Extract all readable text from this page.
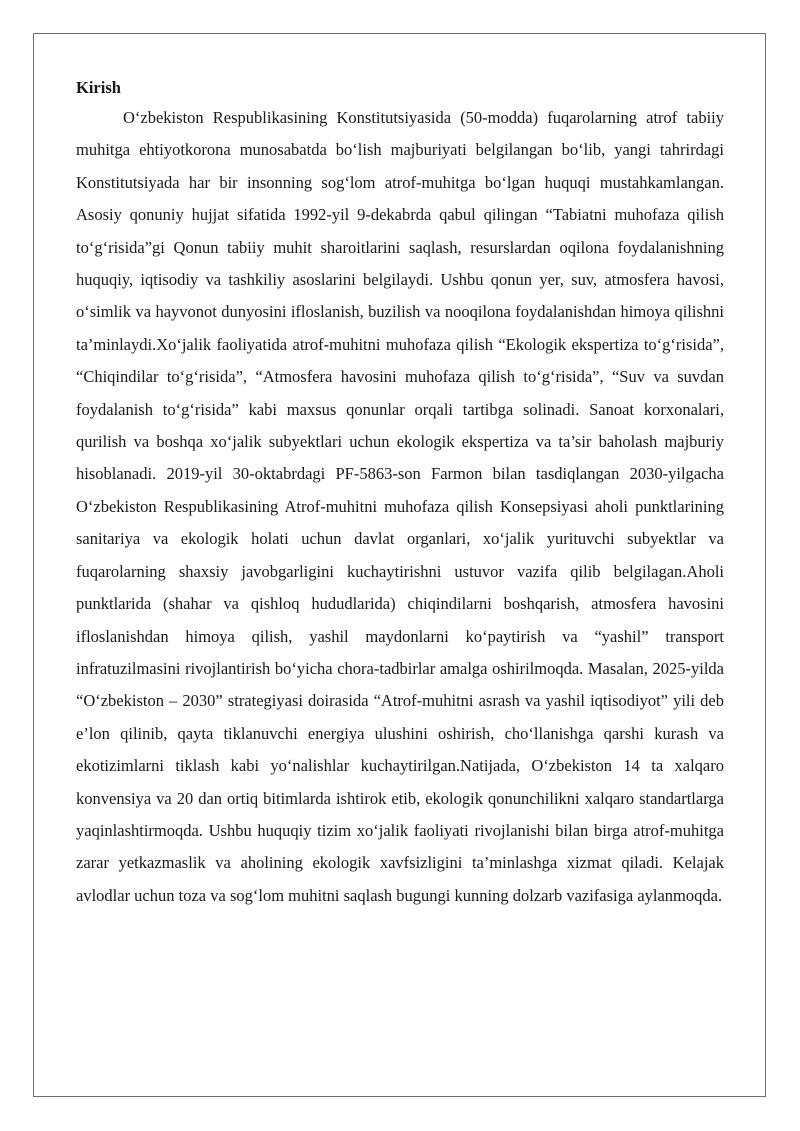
Kirish

O‘zbekiston Respublikasining Konstitutsiyasida (50-modda) fuqarolarning atrof tabiiy muhitga ehtiyotkorona munosabatda bo‘lish majburiyati belgilangan bo‘lib, yangi tahrirdagi Konstitutsiyada har bir insonning sog‘lom atrof-muhitga bo‘lgan huquqi mustahkamlangan. Asosiy qonuniy hujjat sifatida 1992-yil 9-dekabrda qabul qilingan “Tabiatni muhofaza qilish to‘g‘risida”gi Qonun tabiiy muhit sharoitlarini saqlash, resurslardan oqilona foydalanishning huquqiy, iqtisodiy va tashkiliy asoslarini belgilaydi. Ushbu qonun yer, suv, atmosfera havosi, o‘simlik va hayvonot dunyosini ifloslanish, buzilish va nooqilona foydalanishdan himoya qilishni ta’minlaydi.Xo‘jalik faoliyatida atrof-muhitni muhofaza qilish “Ekologik ekspertiza to‘g‘risida”, “Chiqindilar to‘g‘risida”, “Atmosfera havosini muhofaza qilish to‘g‘risida”, “Suv va suvdan foydalanish to‘g‘risida” kabi maxsus qonunlar orqali tartibga solinadi. Sanoat korxonalari, qurilish va boshqa xo‘jalik subyektlari uchun ekologik ekspertiza va ta’sir baholash majburiy hisoblanadi. 2019-yil 30-oktabrdagi PF-5863-son Farmon bilan tasdiqlangan 2030-yilgacha O‘zbekiston Respublikasining Atrof-muhitni muhofaza qilish Konsepsiyasi aholi punktlarining sanitariya va ekologik holati uchun davlat organlari, xo‘jalik yurituvchi subyektlar va fuqarolarning shaxsiy javobgarligini kuchaytirishni ustuvor vazifa qilib belgilagan.Aholi punktlarida (shahar va qishloq hududlarida) chiqindilarni boshqarish, atmosfera havosini ifloslanishdan himoya qilish, yashil maydonlarni ko‘paytirish va “yashil” transport infratuzilmasini rivojlantirish bo‘yicha chora-tadbirlar amalga oshirilmoqda. Masalan, 2025-yilda “O‘zbekiston – 2030” strategiyasi doirasida “Atrof-muhitni asrash va yashil iqtisodiyot” yili deb e’lon qilinib, qayta tiklanuvchi energiya ulushini oshirish, cho‘llanishga qarshi kurash va ekotizimlarni tiklash kabi yo‘nalishlar kuchaytirilgan.Natijada, O‘zbekiston 14 ta xalqaro konvensiya va 20 dan ortiq bitimlarda ishtirok etib, ekologik qonunchilikni xalqaro standartlarga yaqinlashtirmoqda. Ushbu huquqiy tizim xo‘jalik faoliyati rivojlanishi bilan birga atrof-muhitga zarar yetkazmaslik va aholining ekologik xavfsizligini ta’minlashga xizmat qiladi. Kelajak avlodlar uchun toza va sog‘lom muhitni saqlash bugungi kunning dolzarb vazifasiga aylanmoqda.
